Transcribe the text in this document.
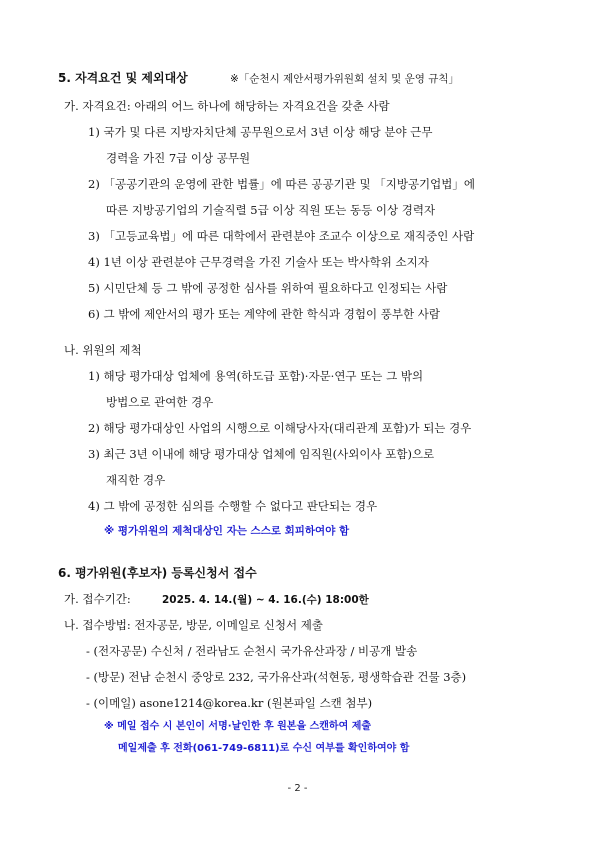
5. 자격요건 및 제외대상	※「순천시 제안서평가위원회 설치 및 운영 규칙」
가. 자격요건: 아래의 어느 하나에 해당하는 자격요건을 갖춘 사람
1) 국가 및 다른 지방자치단체 공무원으로서 3년 이상 해당 분야 근무
경력을 가진 7급 이상 공무원
2) 「공공기관의 운영에 관한 법률」에 따른 공공기관 및 「지방공기업법」에
따른 지방공기업의 기술직렬 5급 이상 직원 또는 동등 이상 경력자
3) 「고등교육법」에 따른 대학에서 관련분야 조교수 이상으로 재직중인 사람
4) 1년 이상 관련분야 근무경력을 가진 기술사 또는 박사학위 소지자
5) 시민단체 등 그 밖에 공정한 심사를 위하여 필요하다고 인정되는 사람
6) 그 밖에 제안서의 평가 또는 계약에 관한 학식과 경험이 풍부한 사람
나. 위원의 제척
1) 해당 평가대상 업체에 용역(하도급 포함)·자문·연구 또는 그 밖의
방법으로 관여한 경우
2) 해당 평가대상인 사업의 시행으로 이해당사자(대리관계 포함)가 되는 경우
3) 최근 3년 이내에 해당 평가대상 업체에 임직원(사외이사 포함)으로
재직한 경우
4) 그 밖에 공정한 심의를 수행할 수 없다고 판단되는 경우
※ 평가위원의 제척대상인 자는 스스로 회피하여야 함
6. 평가위원(후보자) 등록신청서 접수
가. 접수기간:	2025. 4. 14.(월) ~ 4. 16.(수) 18:00한
나. 접수방법: 전자공문, 방문, 이메일로 신청서 제출
- (전자공문) 수신처 / 전라남도 순천시 국가유산과장 / 비공개 발송
- (방문) 전남 순천시 중앙로 232, 국가유산과(석현동, 평생학습관 건물 3층)
- (이메일) asone1214@korea.kr (원본파일 스캔 첨부)
※ 메일 접수 시 본인이 서명·날인한 후 원본을 스캔하여 제출
메일제출 후 전화(061-749-6811)로 수신 여부를 확인하여야 함
- 2 -
